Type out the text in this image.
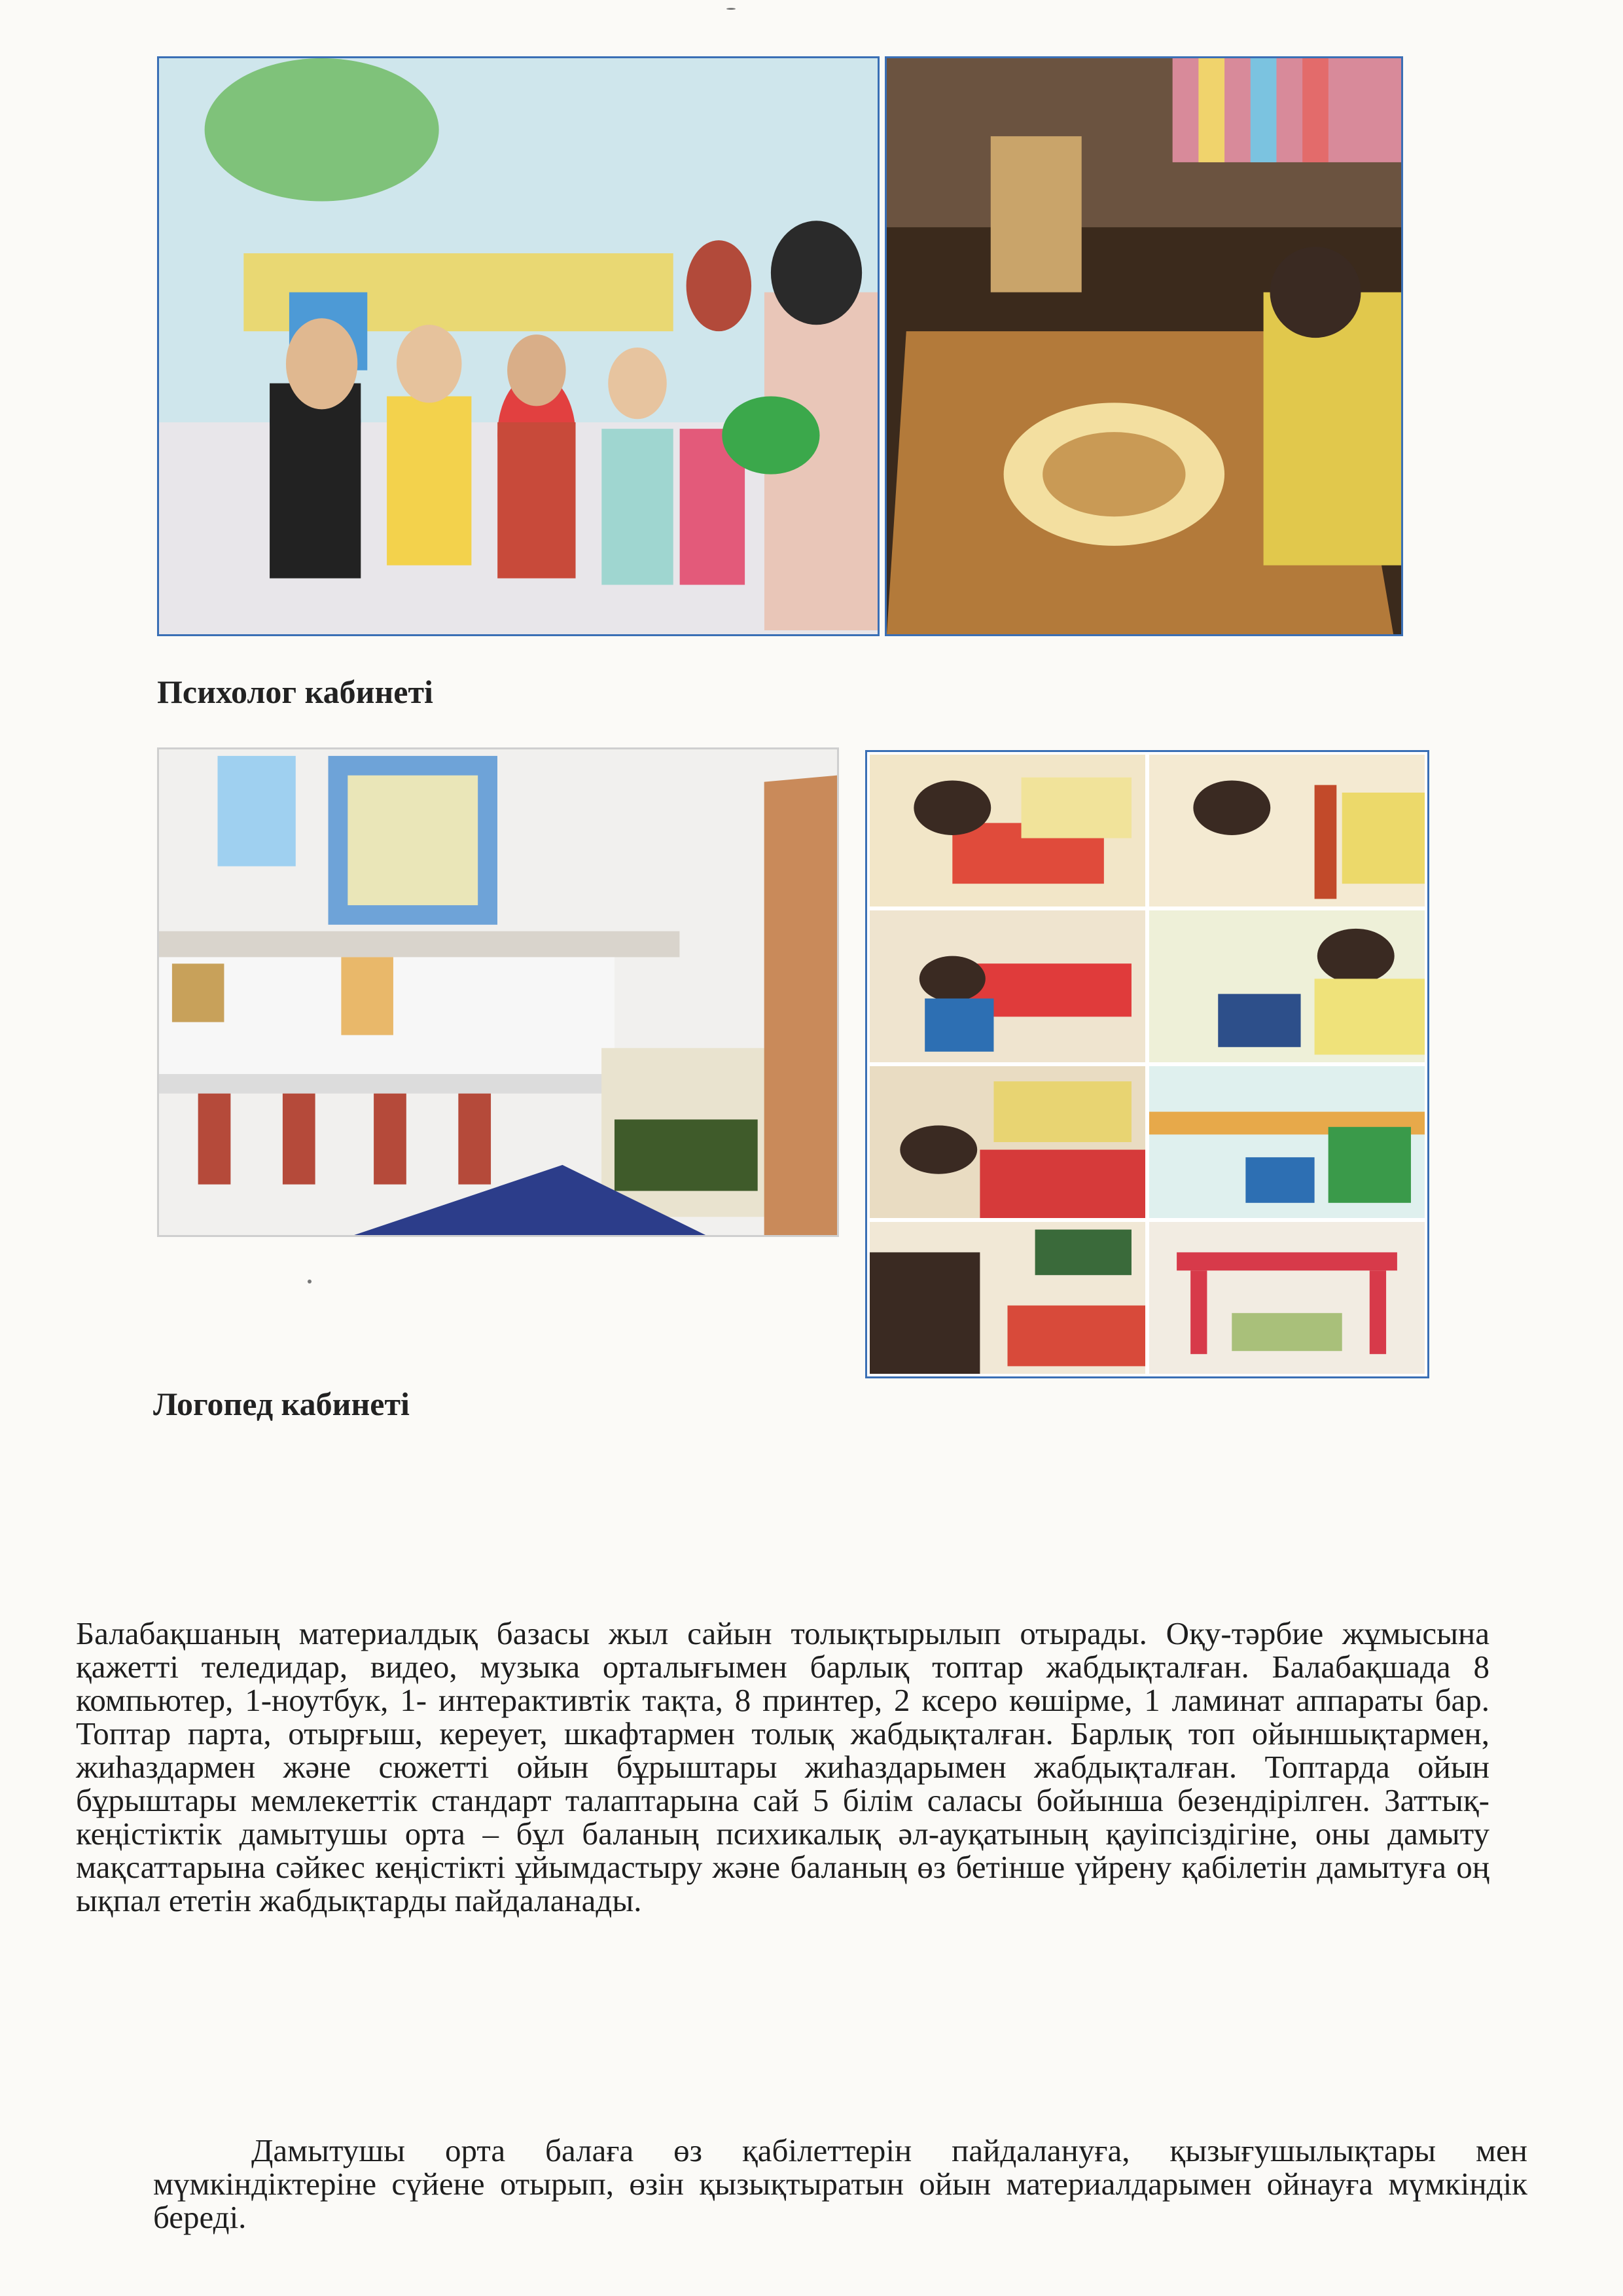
Психолог кабинеті
Логопед кабинеті

Балабақшаның материалдық базасы жыл сайын толықтырылып отырады. Оқу-тәрбие жұмысына қажетті теледидар, видео, музыка орталығымен барлық топтар жабдықталған. Балабақшада 8 компьютер, 1-ноутбук, 1- интерактивтік тақта, 8 принтер, 2 ксеро көшірме, 1 ламинат аппараты бар. Топтар парта, отырғыш, кереует, шкафтармен толық жабдықталған. Барлық топ ойыншықтармен, жиһаздармен және сюжетті ойын бұрыштары жиһаздарымен жабдықталған. Топтарда ойын бұрыштары мемлекеттік стандарт талаптарына сай 5 білім саласы бойынша безендірілген. Заттық-кеңістіктік дамытушы орта – бұл баланың психикалық әл-ауқатының қауіпсіздігіне, оны дамыту мақсаттарына сәйкес кеңістікті ұйымдастыру және баланың өз бетінше үйрену қабілетін дамытуға оң ықпал ететін жабдықтарды пайдаланады.

Дамытушы орта балаға өз қабілеттерін пайдалануға, қызығушылықтары мен мүмкіндіктеріне сүйене отырып, өзін қызықтыратын ойын материалдарымен ойнауға мүмкіндік береді.
